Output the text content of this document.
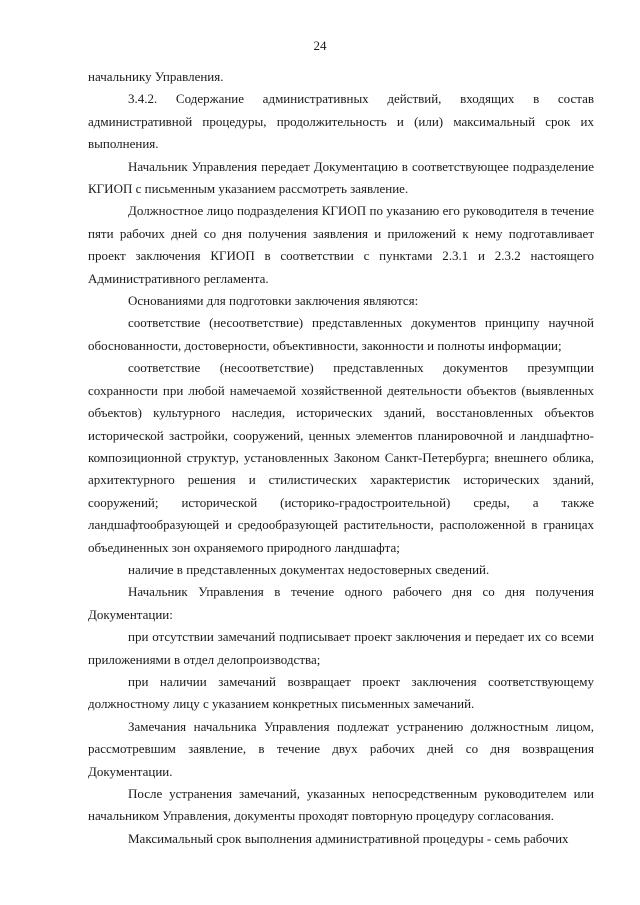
24

начальнику Управления.

3.4.2. Содержание административных действий, входящих в состав административной процедуры, продолжительность и (или) максимальный срок их выполнения.

Начальник Управления передает Документацию в соответствующее подразделение КГИОП с письменным указанием рассмотреть заявление.

Должностное лицо подразделения КГИОП по указанию его руководителя в течение пяти рабочих дней со дня получения заявления и приложений к нему подготавливает проект заключения КГИОП в соответствии с пунктами 2.3.1 и 2.3.2 настоящего Административного регламента.

Основаниями для подготовки заключения являются:

соответствие (несоответствие) представленных документов принципу научной обоснованности, достоверности, объективности, законности и полноты информации;

соответствие (несоответствие) представленных документов презумпции сохранности при любой намечаемой хозяйственной деятельности объектов (выявленных объектов) культурного наследия, исторических зданий, восстановленных объектов исторической застройки, сооружений, ценных элементов планировочной и ландшафтно-композиционной структур, установленных Законом Санкт-Петербурга; внешнего облика, архитектурного решения и стилистических характеристик исторических зданий, сооружений; исторической (историко-градостроительной) среды, а также ландшафтообразующей и средообразующей растительности, расположенной в границах объединенных зон охраняемого природного ландшафта;

наличие в представленных документах недостоверных сведений.

Начальник Управления в течение одного рабочего дня со дня получения Документации:

при отсутствии замечаний подписывает проект заключения и передает их со всеми приложениями в отдел делопроизводства;

при наличии замечаний возвращает проект заключения соответствующему должностному лицу с указанием конкретных письменных замечаний.

Замечания начальника Управления подлежат устранению должностным лицом, рассмотревшим заявление, в течение двух рабочих дней со дня возвращения Документации.

После устранения замечаний, указанных непосредственным руководителем или начальником Управления, документы проходят повторную процедуру согласования.

Максимальный срок выполнения административной процедуры - семь рабочих
